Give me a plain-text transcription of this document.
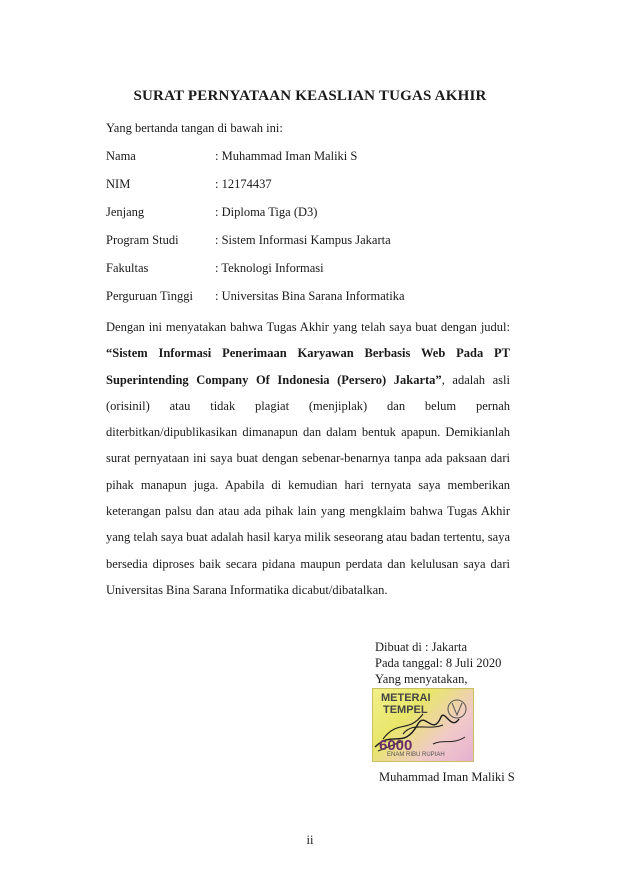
SURAT PERNYATAAN KEASLIAN TUGAS AKHIR
Yang bertanda tangan di bawah ini:
Nama	: Muhammad Iman Maliki S
NIM	: 12174437
Jenjang	: Diploma Tiga (D3)
Program Studi	: Sistem Informasi Kampus Jakarta
Fakultas	: Teknologi Informasi
Perguruan Tinggi : Universitas Bina Sarana Informatika

Dengan ini menyatakan bahwa Tugas Akhir yang telah saya buat dengan judul: “Sistem Informasi Penerimaan Karyawan Berbasis Web Pada PT Superintending Company Of Indonesia (Persero) Jakarta”, adalah asli (orisinil) atau tidak plagiat (menjiplak) dan belum pernah diterbitkan/dipublikasikan dimanapun dan dalam bentuk apapun. Demikianlah surat pernyataan ini saya buat dengan sebenar-benarnya tanpa ada paksaan dari pihak manapun juga. Apabila di kemudian hari ternyata saya memberikan keterangan palsu dan atau ada pihak lain yang mengklaim bahwa Tugas Akhir yang telah saya buat adalah hasil karya milik seseorang atau badan tertentu, saya bersedia diproses baik secara pidana maupun perdata dan kelulusan saya dari Universitas Bina Sarana Informatika dicabut/dibatalkan.

Dibuat di : Jakarta
Pada tanggal: 8 Juli 2020
Yang menyatakan,
METERAI
TEMPEL
6000
ENAM RIBU RUPIAH
Muhammad Iman Maliki S
ii
